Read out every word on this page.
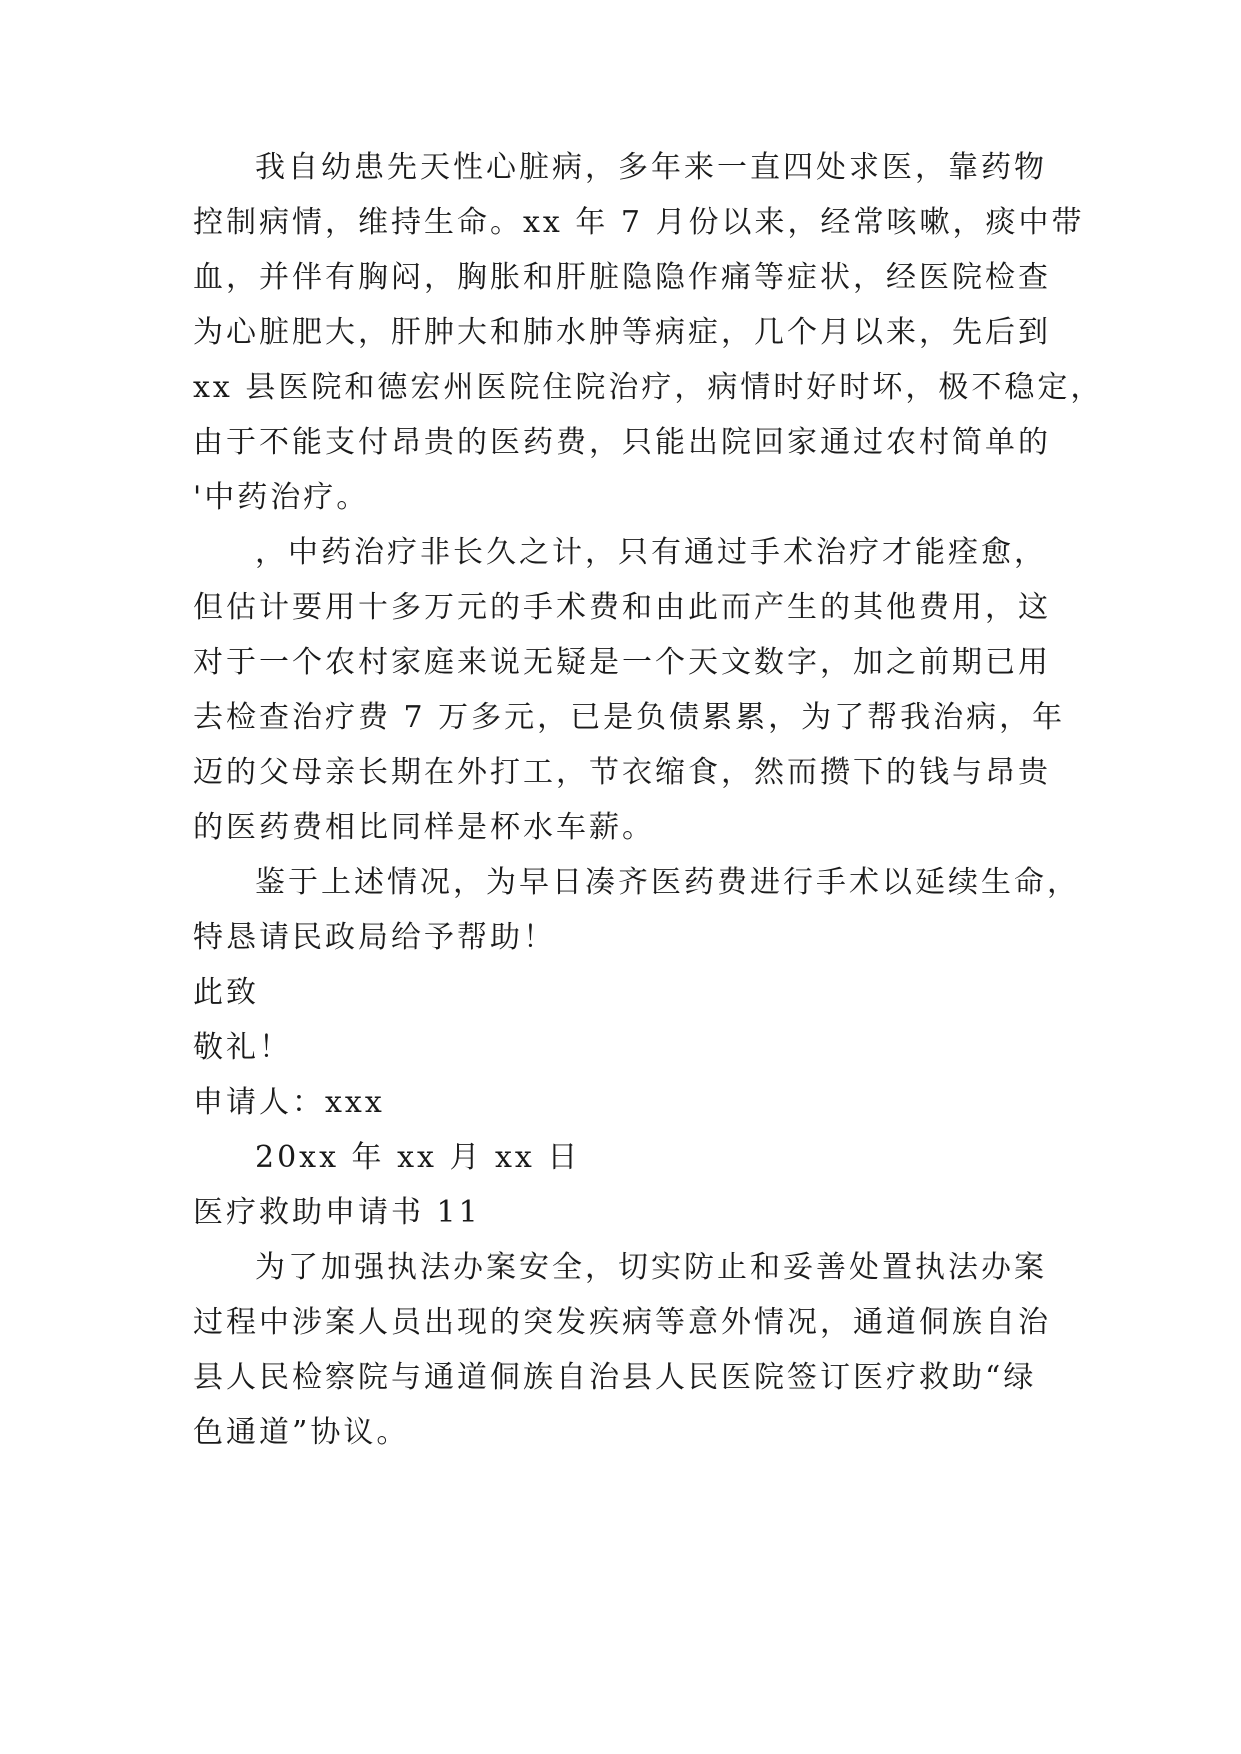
我自幼患先天性心脏病，多年来一直四处求医，靠药物
控制病情，维持生命。xx 年 7 月份以来，经常咳嗽，痰中带
血，并伴有胸闷，胸胀和肝脏隐隐作痛等症状，经医院检查
为心脏肥大，肝肿大和肺水肿等病症，几个月以来，先后到
xx 县医院和德宏州医院住院治疗，病情时好时坏，极不稳定，
由于不能支付昂贵的医药费，只能出院回家通过农村简单的
'中药治疗。
，中药治疗非长久之计，只有通过手术治疗才能痊愈，
但估计要用十多万元的手术费和由此而产生的其他费用，这
对于一个农村家庭来说无疑是一个天文数字，加之前期已用
去检查治疗费 7 万多元，已是负债累累，为了帮我治病，年
迈的父母亲长期在外打工，节衣缩食，然而攒下的钱与昂贵
的医药费相比同样是杯水车薪。
鉴于上述情况，为早日凑齐医药费进行手术以延续生命，
特恳请民政局给予帮助！
此致
敬礼！
申请人：xxx
20xx 年 xx 月 xx 日
医疗救助申请书 11
为了加强执法办案安全，切实防止和妥善处置执法办案
过程中涉案人员出现的突发疾病等意外情况，通道侗族自治
县人民检察院与通道侗族自治县人民医院签订医疗救助“绿
色通道”协议。
